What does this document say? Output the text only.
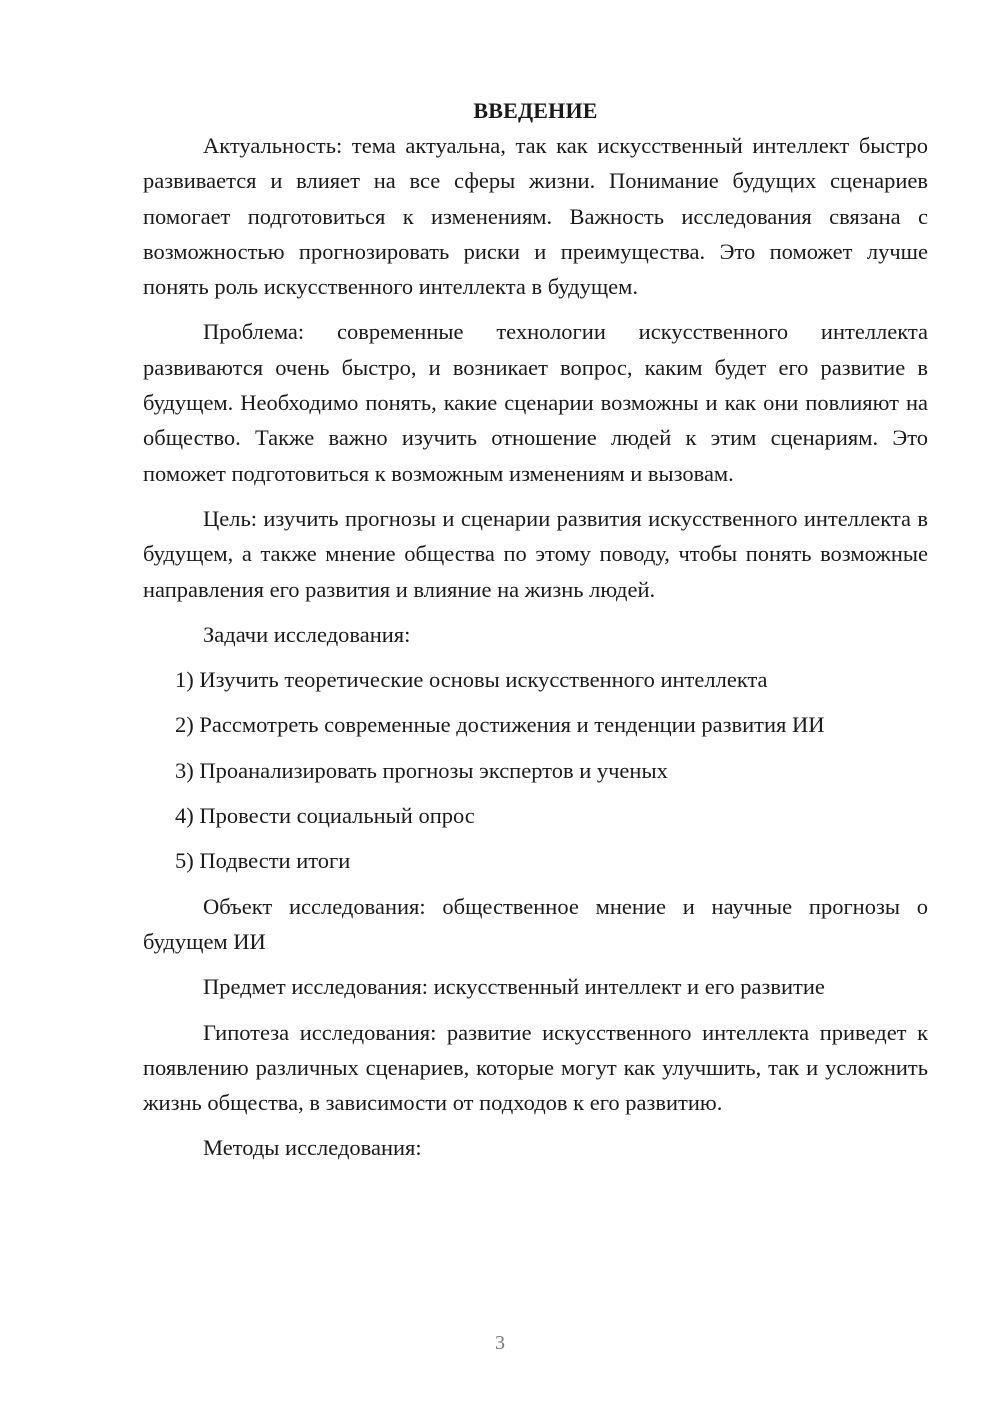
ВВЕДЕНИЕ

Актуальность: тема актуальна, так как искусственный интеллект быстро развивается и влияет на все сферы жизни. Понимание будущих сценариев помогает подготовиться к изменениям. Важность исследования связана с возможностью прогнозировать риски и преимущества. Это поможет лучше понять роль искусственного интеллекта в будущем.

Проблема: современные технологии искусственного интеллекта развиваются очень быстро, и возникает вопрос, каким будет его развитие в будущем. Необходимо понять, какие сценарии возможны и как они повлияют на общество. Также важно изучить отношение людей к этим сценариям. Это поможет подготовиться к возможным изменениям и вызовам.

Цель: изучить прогнозы и сценарии развития искусственного интеллекта в будущем, а также мнение общества по этому поводу, чтобы понять возможные направления его развития и влияние на жизнь людей.

Задачи исследования:

1) Изучить теоретические основы искусственного интеллекта
2) Рассмотреть современные достижения и тенденции развития ИИ
3) Проанализировать прогнозы экспертов и ученых
4) Провести социальный опрос
5) Подвести итоги

Объект исследования: общественное мнение и научные прогнозы о будущем ИИ

Предмет исследования: искусственный интеллект и его развитие

Гипотеза исследования: развитие искусственного интеллекта приведет к появлению различных сценариев, которые могут как улучшить, так и усложнить жизнь общества, в зависимости от подходов к его развитию.

Методы исследования:

3
